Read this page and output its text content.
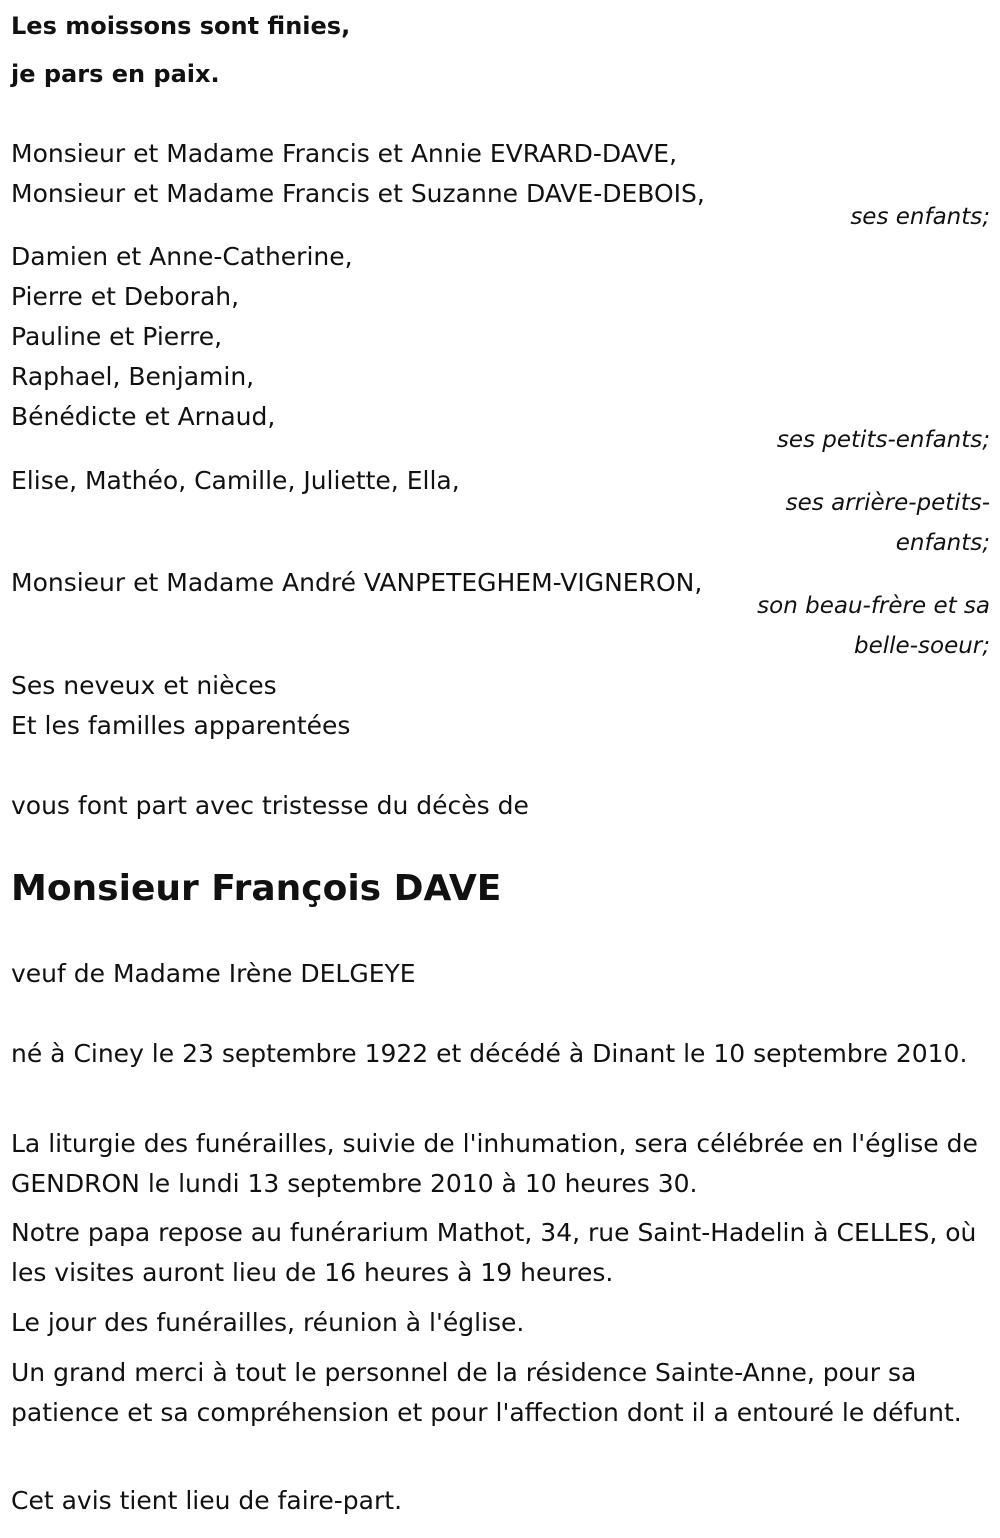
Les moissons sont finies,

je pars en paix.

Monsieur et Madame Francis et Annie EVRARD-DAVE,

Monsieur et Madame Francis et Suzanne DAVE-DEBOIS,

ses enfants;

Damien et Anne-Catherine,

Pierre et Deborah,

Pauline et Pierre,

Raphael, Benjamin,

Bénédicte et Arnaud,

ses petits-enfants;

Elise, Mathéo, Camille, Juliette, Ella,

ses arrière-petits-

enfants;

Monsieur et Madame André VANPETEGHEM-VIGNERON,

son beau-frère et sa

belle-soeur;

Ses neveux et nièces

Et les familles apparentées

vous font part avec tristesse du décès de

Monsieur François DAVE

veuf de Madame Irène DELGEYE

né à Ciney le 23 septembre 1922 et décédé à Dinant le 10 septembre 2010.

La liturgie des funérailles, suivie de l'inhumation, sera célébrée en l'église de GENDRON le lundi 13 septembre 2010 à 10 heures 30.

Notre papa repose au funérarium Mathot, 34, rue Saint-Hadelin à CELLES, où les visites auront lieu de 16 heures à 19 heures.

Le jour des funérailles, réunion à l'église.

Un grand merci à tout le personnel de la résidence Sainte-Anne, pour sa patience et sa compréhension et pour l'affection dont il a entouré le défunt.

Cet avis tient lieu de faire-part.
